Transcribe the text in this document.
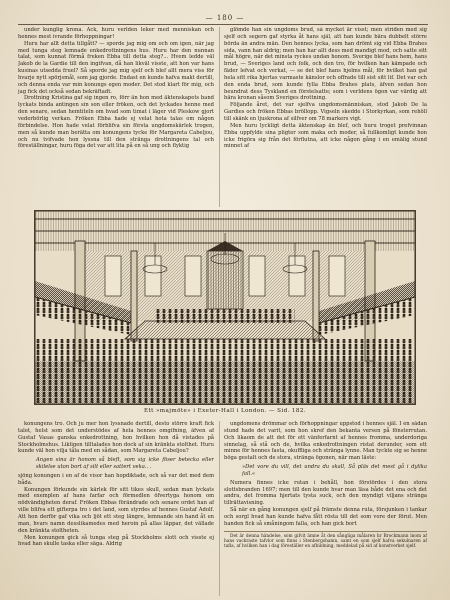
— 180 —

under kunglig krona. Ack, huru verlden leker med menniskan och hennes mest ivrande förhoppningar!

Huru har allt detta tillgått? — sporde jag mig om och om igen, när jag med tunga steg lemnade enkedrottningens hus. Huru har den nunnan talat, som kunnat förmå freken Ebba till detta steg?... Hvem ledde väl Jakob de la Gardie till den ingifvan, då han likväl visste, att hon var hans kusinas utsedda fruel? Så sporde jag mig sjelf och blef allt mera viss för hvarje nytt spörjsmål, som jag gjorde. Endast en kunde hafva makt dertill, och denna enda var min konungs egen moder. Det stod klart för mig, och jag fick det också sedan bekräftadt.

Drottning Kristina gaf sig ingen ro, förr än hon med äktenskapets band lyckats binda antingen sin son eller fröken, och det lyckades henne med den senare, sedan hemtiteln om hvad som timat i läger vid Pleskow gjort vederbörlig verkan. Fröken Ebba hade ej velat hota talas om någon förbindelse. Hon hade velat förblifva sin första ungdomskärlek trogen, men så kunde man berätta om konungens tycke för Margareta Cabeljou, och nu tvifvade hon lyssna till den stränga drottningens tal och föreställningar, huru föga det var att lita på en så ung och flyktig

glömde han sin ungdoms brud, så mycket är visst; men striden med sig sjelf och segern gaf styrka åt hans själ, att han kunde bära dubbelt större bördа än andra män. Den hennes lycka, som han drömt sig vid Ebba Brahes sida, vann han aldrig; men han har allt dess med mandigt mod, och satte sitt mål högre, när det minsta ryckes undan honom. Sverige blef hans hem, hans brud, — Sveriges land och folk, och den tro, för hvilken han kämpade och fäder lefvat och verkat, — se det blef hans hjelms mål, för hvilket han gaf hela sitt rika hjertas varmaste känslor och offrade till sist sitt lif. Det var och den enda brud, som kunde fylla Ebba Brahes plats, äfven sedan hon beundrat dess Tyskland en förstelsatte; som i verldens ögon var värdig att bära kronan såsom Sveriges drottning.

Följande året, det var sjelfva ungdomsmänniskan, stod Jakob De la Gardies och fröken Ebbas bröllopp. Vigseln skedde i Storkyrkan, som rehöll till skänk en ljuskrona af silfver om 78 markers vigt.

Men huru lyckligt detta äktenskap än blef, och huru troget prefvinnan Ebba uppfylde sina pligter som maka och moder, så fullkomligt kunde hon icke frigöra sig från det förflutna, att icke någon gång i en emälig stund minnet af

Ett »majmöte» i Exeter-Hall i London. — Sid. 182.

konungens tro. Och ju mer hon lyssnade dertill, desto större kraft fick talet, helst som det understödes af hela hennes omgifning, äfven af Gustaf Vasas ganska enkedrottning, hon hvilken hon då vistades på Stockholmshus. Likligen tilltalades hon dock af sin kränkta stolthet. Huru kunde väl hon vilja tåla med en sådan, som Margareta Cabeljou?

Angen sina är honom så bleft, som sig icke föser betecka eller skilelse uton bort af silt eller sattert veka.. .

sjöng konungen i en af de visor han hopdiktade, och så var det med dem båda.

Konungen förkunde sin kärlek för sitt tikes skull, sedan man lyckats med exemplen af hans farfar och förmedlen öfvertyga honom om nödvändigheten deraf. Fröken Ebbas förändrade och senare ordet han af ville blifva ett gifterpa tro i det land, som styrdes af hennes Gustaf Adolf. Att hon derför gaf vika och ljöt ett steg längre, lemnande sin hand åt en man, hvars namn desslikamedes med heroin på allas läppar, det vällade den kränkta stoltheten.

Men konungen gick så tunga steg på Stockholms slott och visste ej hvad han skulle taska eller säga. Aldrig

ungdomens drömmar och förhoppningar uppstod i hennes själ. I en sådan stund hade det varit, som hon skref den bekanta versen på fönsterrutan. Och likaom de att det för ett vänferfarnt af hennes fromma, underdoriga sinnelag, så stå och de, hvilka enkedrottningen ristat derunder, som ett minne för hennes fasta, okuffliga och stränga lynne. Man tyckte sig se henne böga gestalt och de stora, strängа ögonen, när man läste:

»Det vore du vill, det undra du skall, Så pläs det mest gå i dylika fall.«

Numera finnes icke rutan i behåll, hon förstördes i den stora slottsbranden 1697; men till den kunde hvar man läsa både det ena och det andra, det fromma hjertats tysta suck, och den myndigt viljans stränga tillrättavisning.

Så när en gång konungen sjelf på främste denna ruta, försjunken i tankar och sorgl hvad han kunde hafva fått rösta till det som vore der förut. Men handen fick så småningom falla, och han gick bort

Det är denna händelse, som gifvit ämne åt den sångliga målaren hr Brockmann inom af hans vackraste tafvlor som finns i Stenbergshamn, samt en som sjelf hafva sekulnaren af tafla, af hvilken han i dag föreställer en afbildning, meddelad på sid af konstverket sjelf.
